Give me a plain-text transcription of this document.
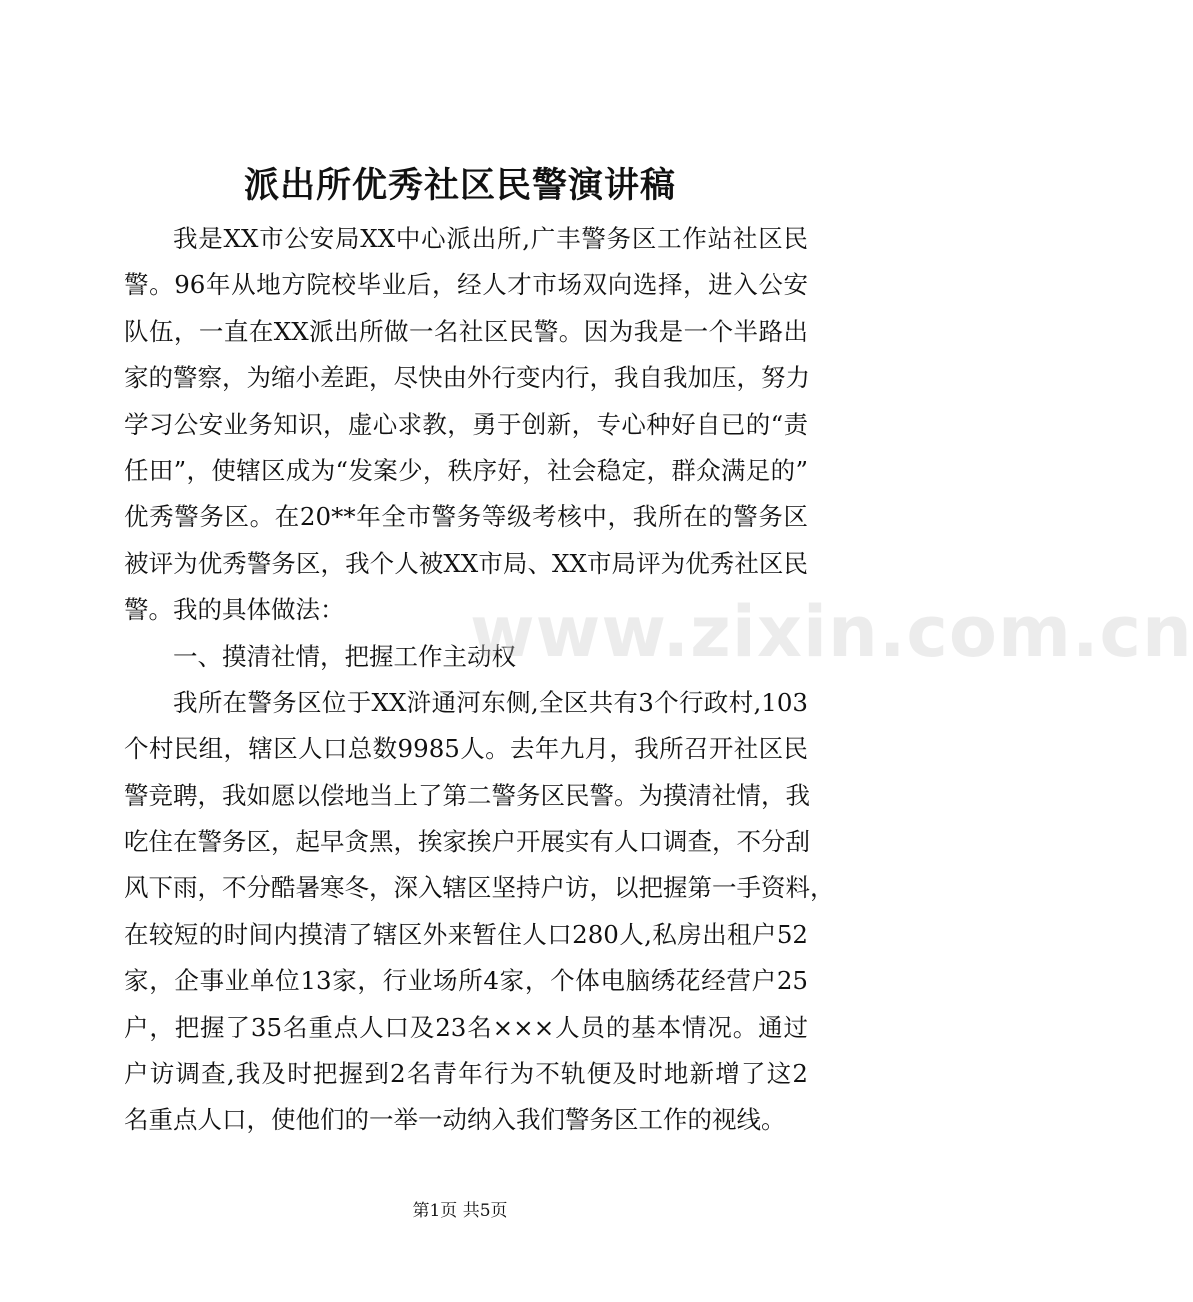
派出所优秀社区民警演讲稿
我是XX市公安局XX中心派出所,广丰警务区工作站社区民
警。96年从地方院校毕业后，经人才市场双向选择，进入公安
队伍，一直在XX派出所做一名社区民警。因为我是一个半路出
家的警察，为缩小差距，尽快由外行变内行，我自我加压，努力
学习公安业务知识，虚心求教，勇于创新，专心种好自已的“责
任田”，使辖区成为“发案少，秩序好，社会稳定，群众满足的”
优秀警务区。在20**年全市警务等级考核中，我所在的警务区
被评为优秀警务区，我个人被XX市局、XX市局评为优秀社区民
警。我的具体做法：
一、摸清社情，把握工作主动权
我所在警务区位于XX浒通河东侧,全区共有3个行政村,103
个村民组，辖区人口总数9985人。去年九月，我所召开社区民
警竞聘，我如愿以偿地当上了第二警务区民警。为摸清社情，我
吃住在警务区，起早贪黑，挨家挨户开展实有人口调查，不分刮
风下雨，不分酷暑寒冬，深入辖区坚持户访，以把握第一手资料，
在较短的时间内摸清了辖区外来暂住人口280人,私房出租户52
家，企事业单位13家，行业场所4家，个体电脑绣花经营户25
户，把握了35名重点人口及23名×××人员的基本情况。通过
户访调查,我及时把握到2名青年行为不轨便及时地新增了这2
名重点人口，使他们的一举一动纳入我们警务区工作的视线。
www.zixin.com.cn
第1页 共5页
